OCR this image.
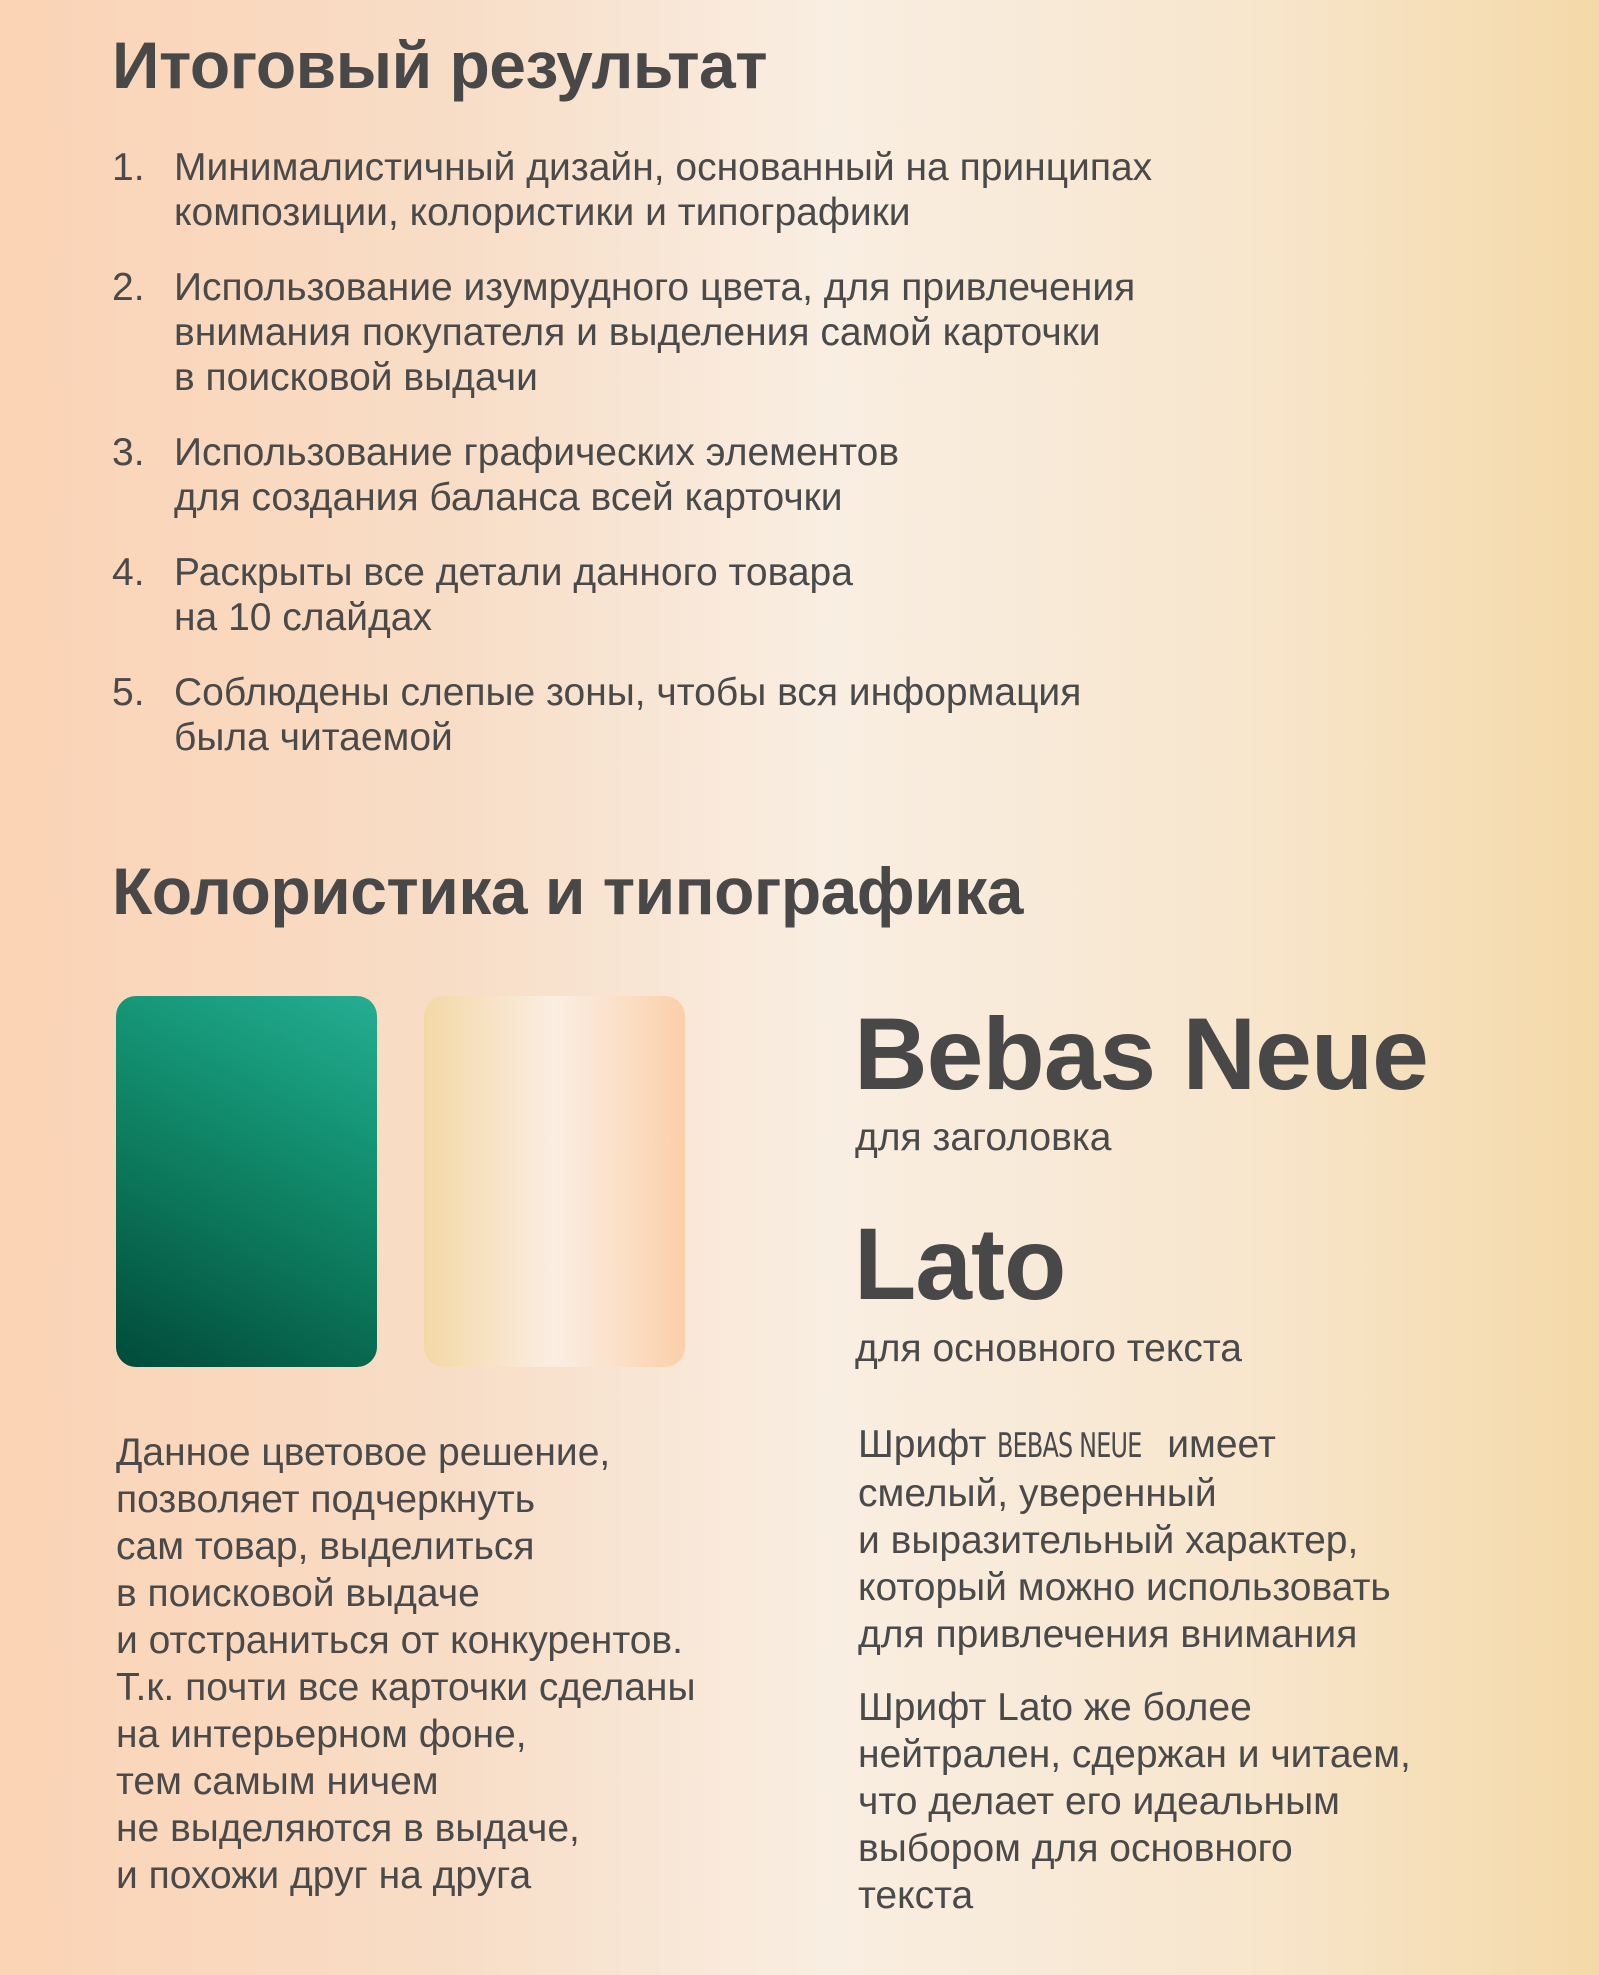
Итоговый результат
1. Минималистичный дизайн, основанный на принципах
композиции, колористики и типографики
2. Использование изумрудного цвета, для привлечения
внимания покупателя и выделения самой карточки
в поисковой выдачи
3. Использование графических элементов
для создания баланса всей карточки
4. Раскрыты все детали данного товара
на 10 слайдах
5. Соблюдены слепые зоны, чтобы вся информация
была читаемой
Колористика и типографика

Bebas Neue

для заголовка

Lato

для основного текста

Данное цветовое решение,
позволяет подчеркнуть
сам товар, выделиться
в поисковой выдаче
и отстраниться от конкурентов.
Т.к. почти все карточки сделаны
на интерьерном фоне,
тем самым ничем
не выделяются в выдаче,
и похожи друг на друга

Шрифт BEBAS NEUE имеет
смелый, уверенный
и выразительный характер,
который можно использовать
для привлечения внимания

Шрифт Lato же более
нейтрален, сдержан и читаем,
что делает его идеальным
выбором для основного
текста
